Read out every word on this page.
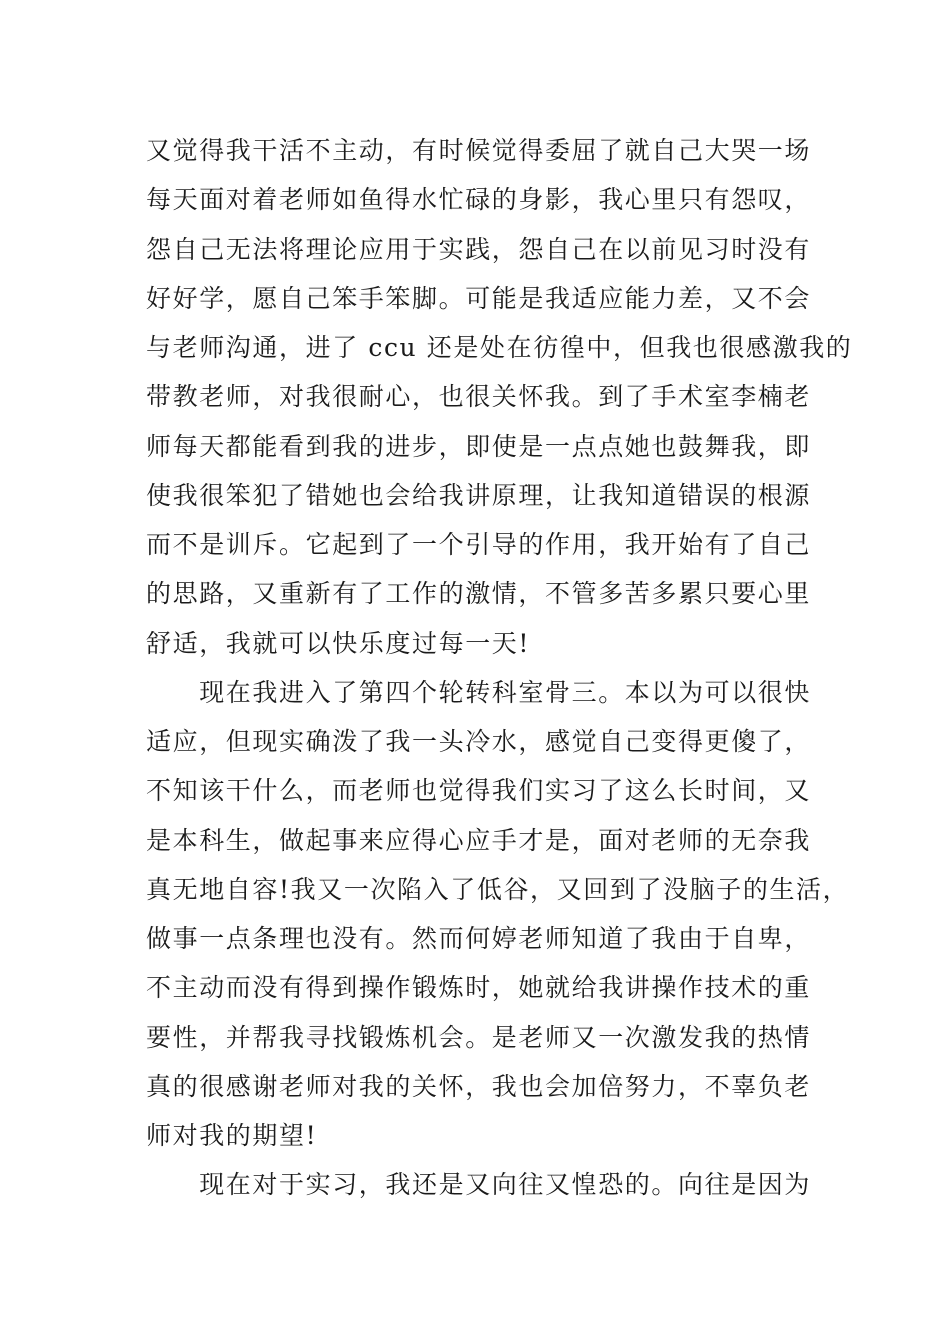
又觉得我干活不主动，有时候觉得委屈了就自己大哭一场
每天面对着老师如鱼得水忙碌的身影，我心里只有怨叹，
怨自己无法将理论应用于实践，怨自己在以前见习时没有
好好学，愿自己笨手笨脚。可能是我适应能力差，又不会
与老师沟通，进了 ccu 还是处在彷徨中，但我也很感激我的
带教老师，对我很耐心，也很关怀我。到了手术室李楠老
师每天都能看到我的进步，即使是一点点她也鼓舞我，即
使我很笨犯了错她也会给我讲原理，让我知道错误的根源
而不是训斥。它起到了一个引导的作用，我开始有了自己
的思路，又重新有了工作的激情，不管多苦多累只要心里
舒适，我就可以快乐度过每一天!
　　现在我进入了第四个轮转科室骨三。本以为可以很快
适应，但现实确泼了我一头冷水，感觉自己变得更傻了，
不知该干什么，而老师也觉得我们实习了这么长时间，又
是本科生，做起事来应得心应手才是，面对老师的无奈我
真无地自容!我又一次陷入了低谷，又回到了没脑子的生活，
做事一点条理也没有。然而何婷老师知道了我由于自卑，
不主动而没有得到操作锻炼时，她就给我讲操作技术的重
要性，并帮我寻找锻炼机会。是老师又一次激发我的热情
真的很感谢老师对我的关怀，我也会加倍努力，不辜负老
师对我的期望!
　　现在对于实习，我还是又向往又惶恐的。向往是因为
